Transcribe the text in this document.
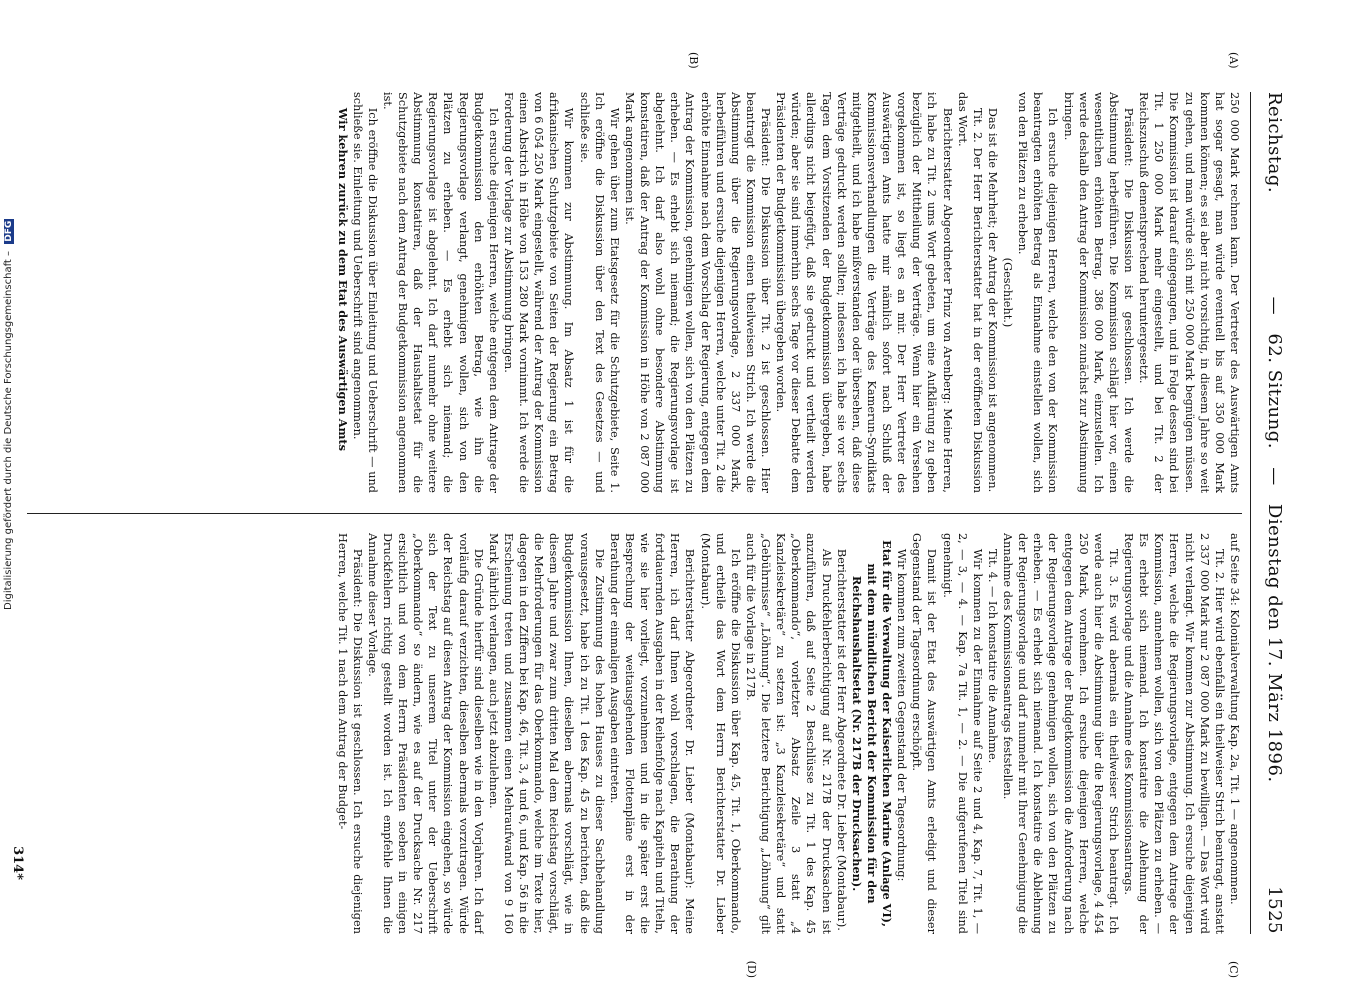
Reichstag.
— 62. Sitzung. — Dienstag den 17. März 1896.
1525
(A)
(B)
(C)
(D)

250 000 Mark rechnen kann. Der Vertreter des Auswärtigen Amts hat sogar gesagt, man würde eventuell bis auf 350 000 Mark kommen können; es sei aber nicht vorsichtig, in diesem Jahre so weit zu gehen, und man würde sich mit 250 000 Mark begnügen müssen. Die Kommission ist darauf eingegangen, und in Folge dessen sind bei Tit. 1 250 000 Mark mehr eingestellt, und bei Tit. 2 der Reichszuschuß dementsprechend heruntergesetzt.

Präsident: Die Diskussion ist geschlossen. Ich werde die Abstimmung herbeiführen. Die Kommission schlägt hier vor, einen wesentlichen erhöhten Betrag, 386 000 Mark, einzustellen. Ich werde deshalb den Antrag der Kommission zunächst zur Abstimmung bringen.

Ich ersuche diejenigen Herren, welche den von der Kommission beantragten erhöhten Betrag als Einnahme einstellen wollen, sich von den Plätzen zu erheben.

(Geschieht.)

Das ist die Mehrheit; der Antrag der Kommission ist angenommen.

Tit. 2. Der Herr Berichterstatter hat in der eröffneten Diskussion das Wort.

Berichterstatter Abgeordneter Prinz von Arenberg: Meine Herren, ich habe zu Tit. 2 ums Wort gebeten, um eine Aufklärung zu geben bezüglich der Mittheilung der Verträge. Wenn hier ein Versehen vorgekommen ist, so liegt es an mir. Der Herr Vertreter des Auswärtigen Amts hatte mir nämlich sofort nach Schluß der Kommissionsverhandlungen die Verträge des Kamerun-Syndikats mitgetheilt, und ich habe mißverstanden oder übersehen, daß diese Verträge gedruckt werden sollten; indessen ich habe sie vor sechs Tagen dem Vorsitzenden der Budgetkommission übergeben, habe allerdings nicht beigefügt, daß sie gedruckt und vertheilt werden würden; aber sie sind immerhin sechs Tage vor dieser Debatte dem Präsidenten der Budgetkommission übergeben worden.

Präsident: Die Diskussion über Tit. 2 ist geschlossen. Hier beantragt die Kommission einen theilweisen Strich. Ich werde die Abstimmung über die Regierungsvorlage, 2 337 000 Mark, herbeiführen und ersuche diejenigen Herren, welche unter Tit. 2 die erhöhte Einnahme nach dem Vorschlag der Regierung, entgegen dem Antrag der Kommission, genehmigen wollen, sich von den Plätzen zu erheben. — Es erhebt sich niemand; die Regierungsvorlage ist abgelehnt. Ich darf also wohl ohne besondere Abstimmung konstatiren, daß der Antrag der Kommission in Höhe von 2 087 000 Mark angenommen ist.

Wir gehen über zum Etatsgesetz für die Schutzgebiete, Seite 1. Ich eröffne die Diskussion über den Text des Gesetzes — und schließe sie.

Wir kommen zur Abstimmung. Im Absatz 1 ist für die afrikanischen Schutzgebiete von Seiten der Regierung ein Betrag von 6 054 250 Mark eingestellt, während der Antrag der Kommission einen Abstrich in Höhe von 153 280 Mark vornimmt. Ich werde die Forderung der Vorlage zur Abstimmung bringen.

Ich ersuche diejenigen Herren, welche entgegen dem Antrage der Budgetkommission den erhöhten Betrag, wie ihn die Regierungsvorlage verlangt, genehmigen wollen, sich von den Plätzen zu erheben. — Es erhebt sich niemand; die Regierungsvorlage ist abgelehnt. Ich darf nunmehr ohne weitere Abstimmung konstatiren, daß der Haushaltsetat für die Schutzgebiete nach dem Antrag der Budgetkommission angenommen ist.

Ich eröffne die Diskussion über Einleitung und Ueberschrift — und schließe sie. Einleitung und Ueberschrift sind angenommen.

Wir kehren zurück zu dem Etat des Auswärtigen Amts

auf Seite 34: Kolonialverwaltung Kap. 2a, Tit. 1 — angenommen.

Tit. 2. Hier wird ebenfalls ein theilweiser Strich beantragt, anstatt 2 337 000 Mark nur 2 087 000 Mark zu bewilligen. — Das Wort wird nicht verlangt. Wir kommen zur Abstimmung. Ich ersuche diejenigen Herren, welche die Regierungsvorlage, entgegen dem Antrage der Kommission, annehmen wollen, sich von den Plätzen zu erheben. — Es erhebt sich niemand. Ich konstatire die Ablehnung der Regierungsvorlage und die Annahme des Kommissionsantrags.

Tit. 3. Es wird abermals ein theilweiser Strich beantragt. Ich werde auch hier die Abstimmung über die Regierungsvorlage, 4 454 250 Mark, vornehmen. Ich ersuche diejenigen Herren, welche entgegen dem Antrage der Budgetkommission die Anforderung nach der Regierungsvorlage genehmigen wollen, sich von den Plätzen zu erheben. — Es erhebt sich niemand. Ich konstatire die Ablehnung der Regierungsvorlage und darf nunmehr mit Ihrer Genehmigung die Annahme des Kommissionsantrags feststellen.

Tit. 4. — Ich konstatire die Annahme.

Wir kommen zu der Einnahme auf Seite 2 und 4, Kap. 7, Tit. 1, — 2, — 3, — 4. — Kap. 7a Tit. 1, — 2. — Die aufgerufenen Titel sind genehmigt.

Damit ist der Etat des Auswärtigen Amts erledigt und dieser Gegenstand der Tagesordnung erschöpft.

Wir kommen zum zweiten Gegenstand der Tagesordnung:

Etat für die Verwaltung der Kaiserlichen Marine (Anlage VI), mit dem mündlichen Bericht der Kommission für den Reichshaushaltsetat (Nr. 217B der Drucksachen).

Berichterstatter ist der Herr Abgeordnete Dr. Lieber (Montabaur).

Als Druckfehlerberichtigung auf Nr. 217B der Drucksachen ist anzuführen, daß auf Seite 2 Beschlüsse zu Tit. 1 des Kap. 45 „Oberkommando“, vorletzter Absatz Zeile 3 statt „4 Kanzleisekretäre“ zu setzen ist: „3 Kanzleisekretäre“ und statt „Gebührnisse“ „Löhnung“. Die letztere Berichtigung „Löhnung“ gilt auch für die Vorlage in 217B.

Ich eröffne die Diskussion über Kap. 45, Tit. 1, Oberkommando, und ertheile das Wort dem Herrn Berichterstatter Dr. Lieber (Montabaur).

Berichterstatter Abgeordneter Dr. Lieber (Montabaur): Meine Herren, ich darf Ihnen wohl vorschlagen, die Berathung der fortdauernden Ausgaben in der Reihenfolge nach Kapiteln und Titeln, wie sie hier vorliegt, vorzunehmen und in die später erst die Besprechung der weitausgehenden Flottenpläne erst in der Berathung der einmaligen Ausgaben eintreten.

Die Zustimmung des hohen Hauses zu dieser Sachbehandlung vorausgesetzt, habe ich zu Tit. 1 des Kap. 45 zu berichten, daß die Budgetkommission Ihnen, dieselben abermals vorschlägt, wie in diesem Jahre und zwar zum dritten Mal dem Reichstag vorschlägt, die Mehrforderungen für das Oberkommando, welche im Texte hier, dagegen in den Ziffern bei Kap. 46, Tit. 3, 4 und 6, und Kap. 56 in die Erscheinung treten und zusammen einen Mehraufwand von 9 160 Mark jährlich verlangen, auch jetzt abzulehnen.

Die Gründe hierfür sind dieselben wie in den Vorjahren. Ich darf vorläufig darauf verzichten, dieselben abermals vorzutragen. Würde der Reichstag auf diesen Antrag der Kommission eingehen, so würde sich der Text zu unserem Titel unter der Ueberschrift „Oberkommando“ so ändern, wie es auf der Drucksache Nr. 217 ersichtlich und von dem Herrn Präsidenten soeben in einigen Druckfehlern richtig gestellt worden ist. Ich empfehle Ihnen die Annahme dieser Vorlage.

Präsident: Die Diskussion ist geschlossen. Ich ersuche diejenigen Herren, welche Tit. 1 nach dem Antrag der Budget-

314*
Digitalisierung gefördert durch die Deutsche Forschungsgemeinschaft – DFG
